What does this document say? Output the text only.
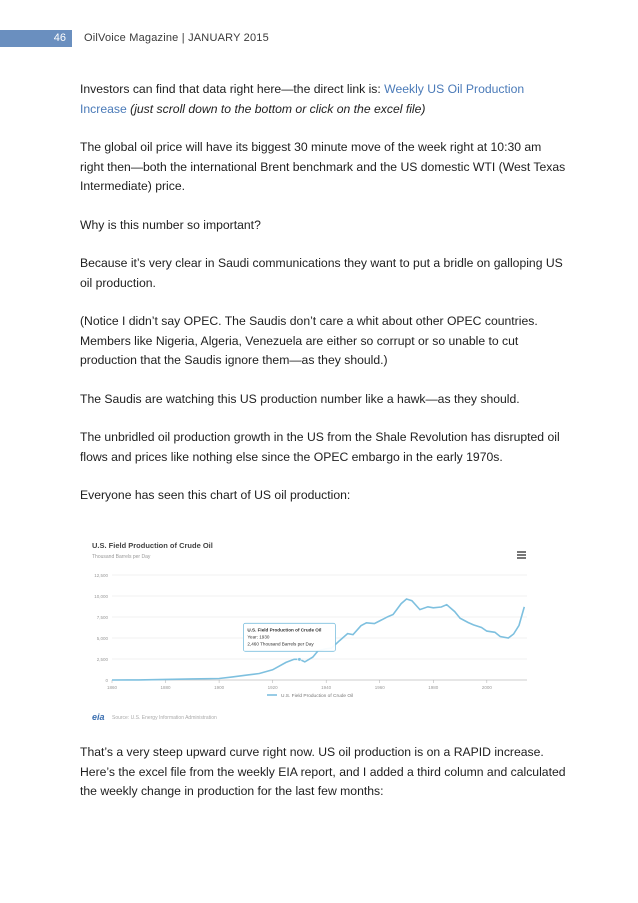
46	OilVoice Magazine | JANUARY 2015

Investors can find that data right here—the direct link is: Weekly US Oil Production Increase (just scroll down to the bottom or click on the excel file)

The global oil price will have its biggest 30 minute move of the week right at 10:30 am right then—both the international Brent benchmark and the US domestic WTI (West Texas Intermediate) price.

Why is this number so important?

Because it’s very clear in Saudi communications they want to put a bridle on galloping US oil production.

(Notice I didn’t say OPEC. The Saudis don’t care a whit about other OPEC countries. Members like Nigeria, Algeria, Venezuela are either so corrupt or so unable to cut production that the Saudis ignore them—as they should.)

The Saudis are watching this US production number like a hawk—as they should.

The unbridled oil production growth in the US from the Shale Revolution has disrupted oil flows and prices like nothing else since the OPEC embargo in the early 1970s.

Everyone has seen this chart of US oil production:

U.S. Field Production of Crude Oil
Thousand Barrels per Day
0
2,500
5,000
7,500
10,000
12,500
1860	1880	1900	1920	1940	1960	1980	2000
U.S. Field Production of Crude Oil
Year: 1930
2,460 Thousand Barrels per Day
U.S. Field Production of Crude Oil
eia Source: U.S. Energy Information Administration

That’s a very steep upward curve right now. US oil production is on a RAPID increase. Here’s the excel file from the weekly EIA report, and I added a third column and calculated the weekly change in production for the last few months:
